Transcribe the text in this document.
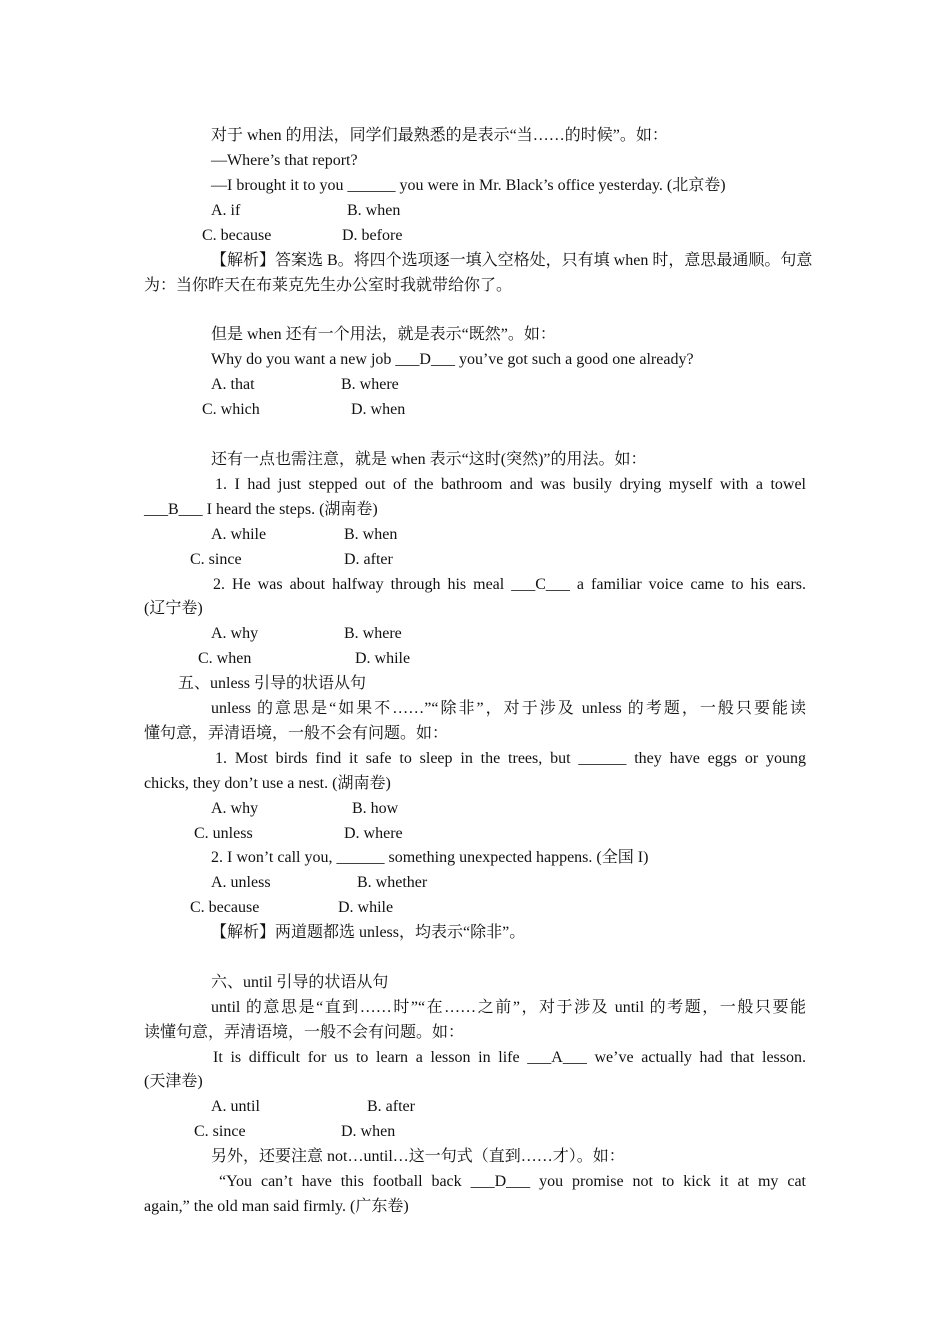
对于 when 的用法，同学们最熟悉的是表示“当……的时候”。如：
—Where’s that report?
—I brought it to you ______ you were in Mr. Black’s office yesterday. (北京卷)
A. if	B. when
C. because	D. before
【解析】答案选 B。将四个选项逐一填入空格处，只有填 when 时，意思最通顺。句意
为：当你昨天在布莱克先生办公室时我就带给你了。
但是 when 还有一个用法，就是表示“既然”。如：
Why do you want a new job ___D___ you’ve got such a good one already?
A. that	B. where
C. which	D. when
还有一点也需注意，就是 when 表示“这时(突然)”的用法。如：
1. I had just stepped out of the bathroom and was busily drying myself with a towel
___B___ I heard the steps. (湖南卷)
A. while	B. when
C. since	D. after
2. He was about halfway through his meal ___C___ a familiar voice came to his ears.
(辽宁卷)
A. why	B. where
C. when	D. while
五、unless 引导的状语从句
unless 的意思是“如果不……”“除非”，对于涉及 unless 的考题，一般只要能读
懂句意，弄清语境，一般不会有问题。如：
1. Most birds find it safe to sleep in the trees, but ______ they have eggs or young
chicks, they don’t use a nest. (湖南卷)
A. why	B. how
C. unless	D. where
2. I won’t call you, ______ something unexpected happens. (全国 I)
A. unless	B. whether
C. because	D. while
【解析】两道题都选 unless，均表示“除非”。
六、until 引导的状语从句
until 的意思是“直到……时”“在……之前”，对于涉及 until 的考题，一般只要能
读懂句意，弄清语境，一般不会有问题。如：
It is difficult for us to learn a lesson in life ___A___ we’ve actually had that lesson.
(天津卷)
A. until	B. after
C. since	D. when
另外，还要注意 not…until…这一句式（直到……才）。如：
“You can’t have this football back ___D___ you promise not to kick it at my cat
again,” the old man said firmly. (广东卷)
